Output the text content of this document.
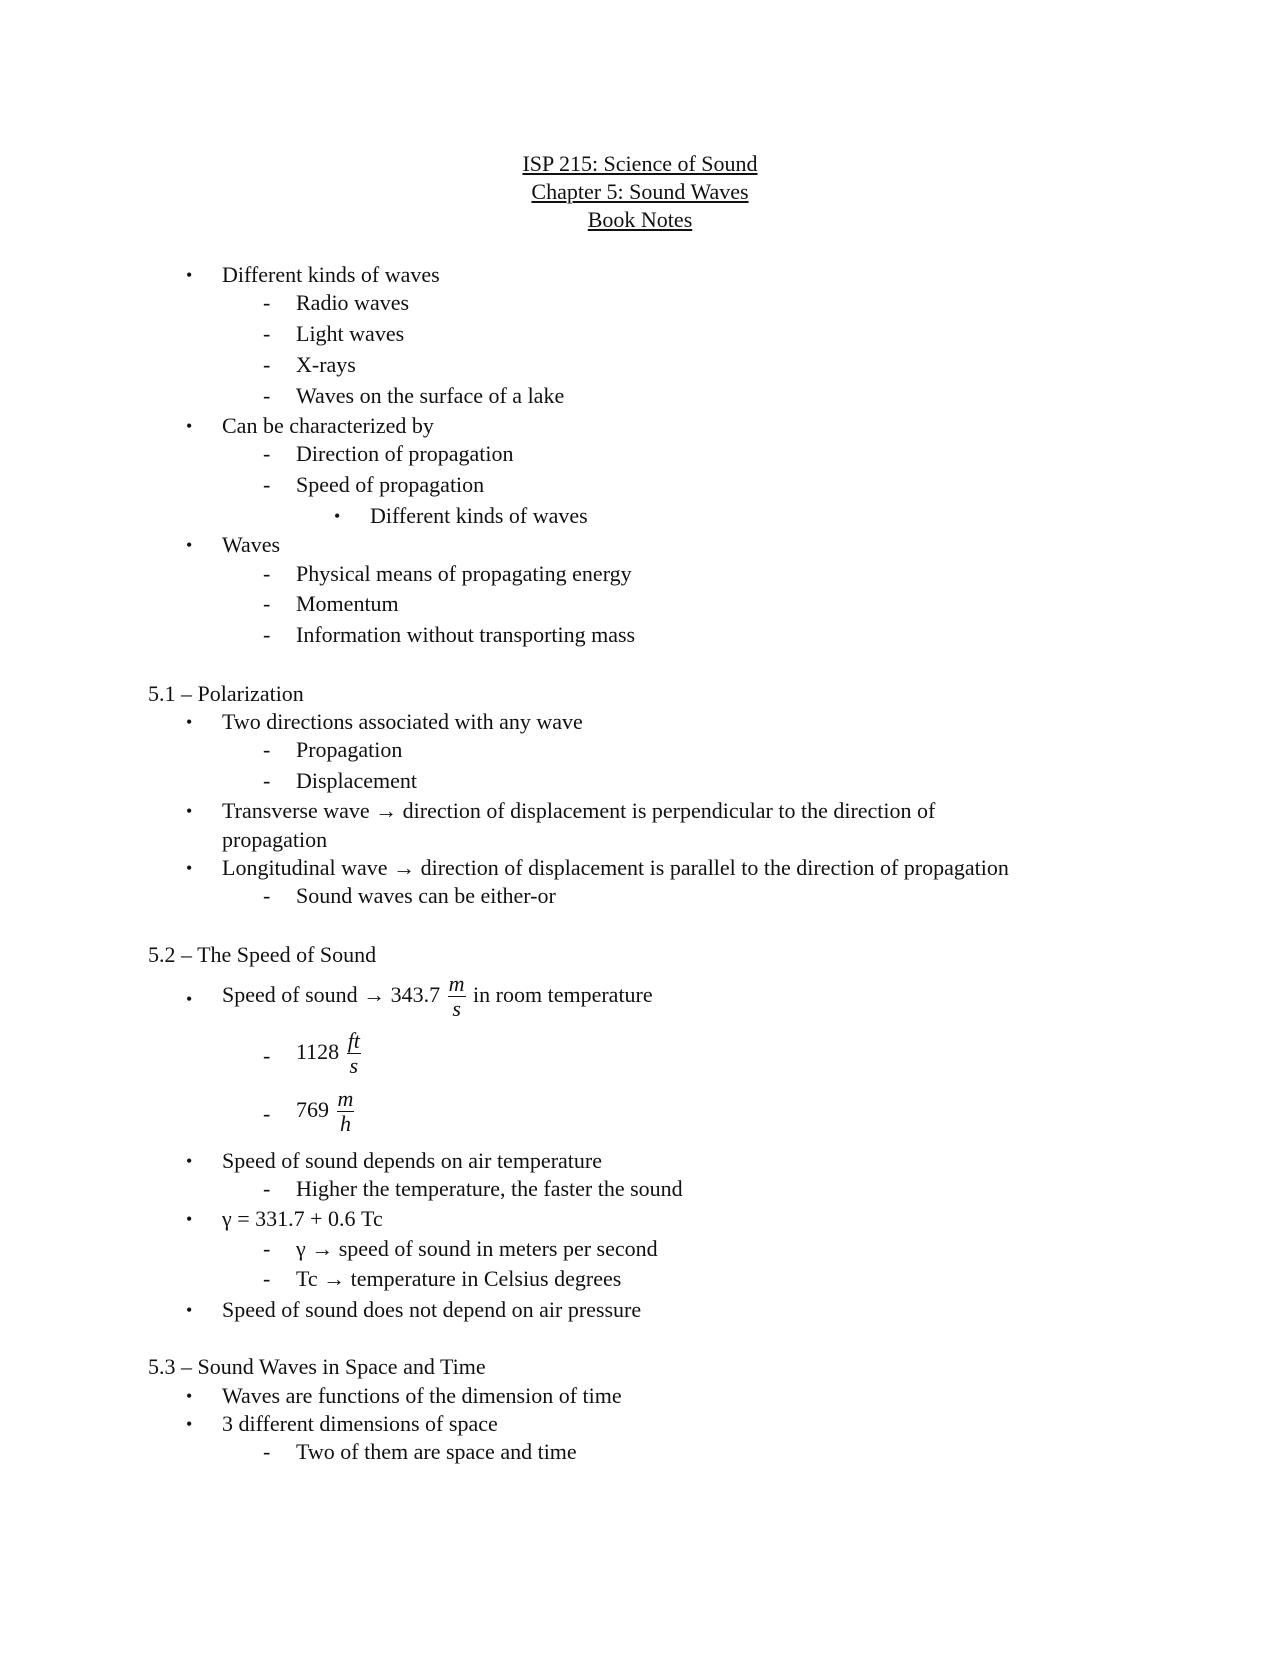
ISP 215: Science of Sound
Chapter 5: Sound Waves
Book Notes
• Different kinds of waves
- Radio waves
- Light waves
- X-rays
- Waves on the surface of a lake
• Can be characterized by
- Direction of propagation
- Speed of propagation
• Different kinds of waves
• Waves
- Physical means of propagating energy
- Momentum
- Information without transporting mass
5.1 – Polarization
• Two directions associated with any wave
- Propagation
- Displacement
• Transverse wave → direction of displacement is perpendicular to the direction of
propagation
• Longitudinal wave → direction of displacement is parallel to the direction of propagation
- Sound waves can be either-or
5.2 – The Speed of Sound
• Speed of sound → $343.7 \frac{m}{s}$ in room temperature
- $1128 \frac{ft}{s}$
- $769 \frac{m}{h}$
• Speed of sound depends on air temperature
- Higher the temperature, the faster the sound
• γ = 331.7 + 0.6 Tc
- γ → speed of sound in meters per second
- Tc → temperature in Celsius degrees
• Speed of sound does not depend on air pressure
5.3 – Sound Waves in Space and Time
• Waves are functions of the dimension of time
• 3 different dimensions of space
- Two of them are space and time
